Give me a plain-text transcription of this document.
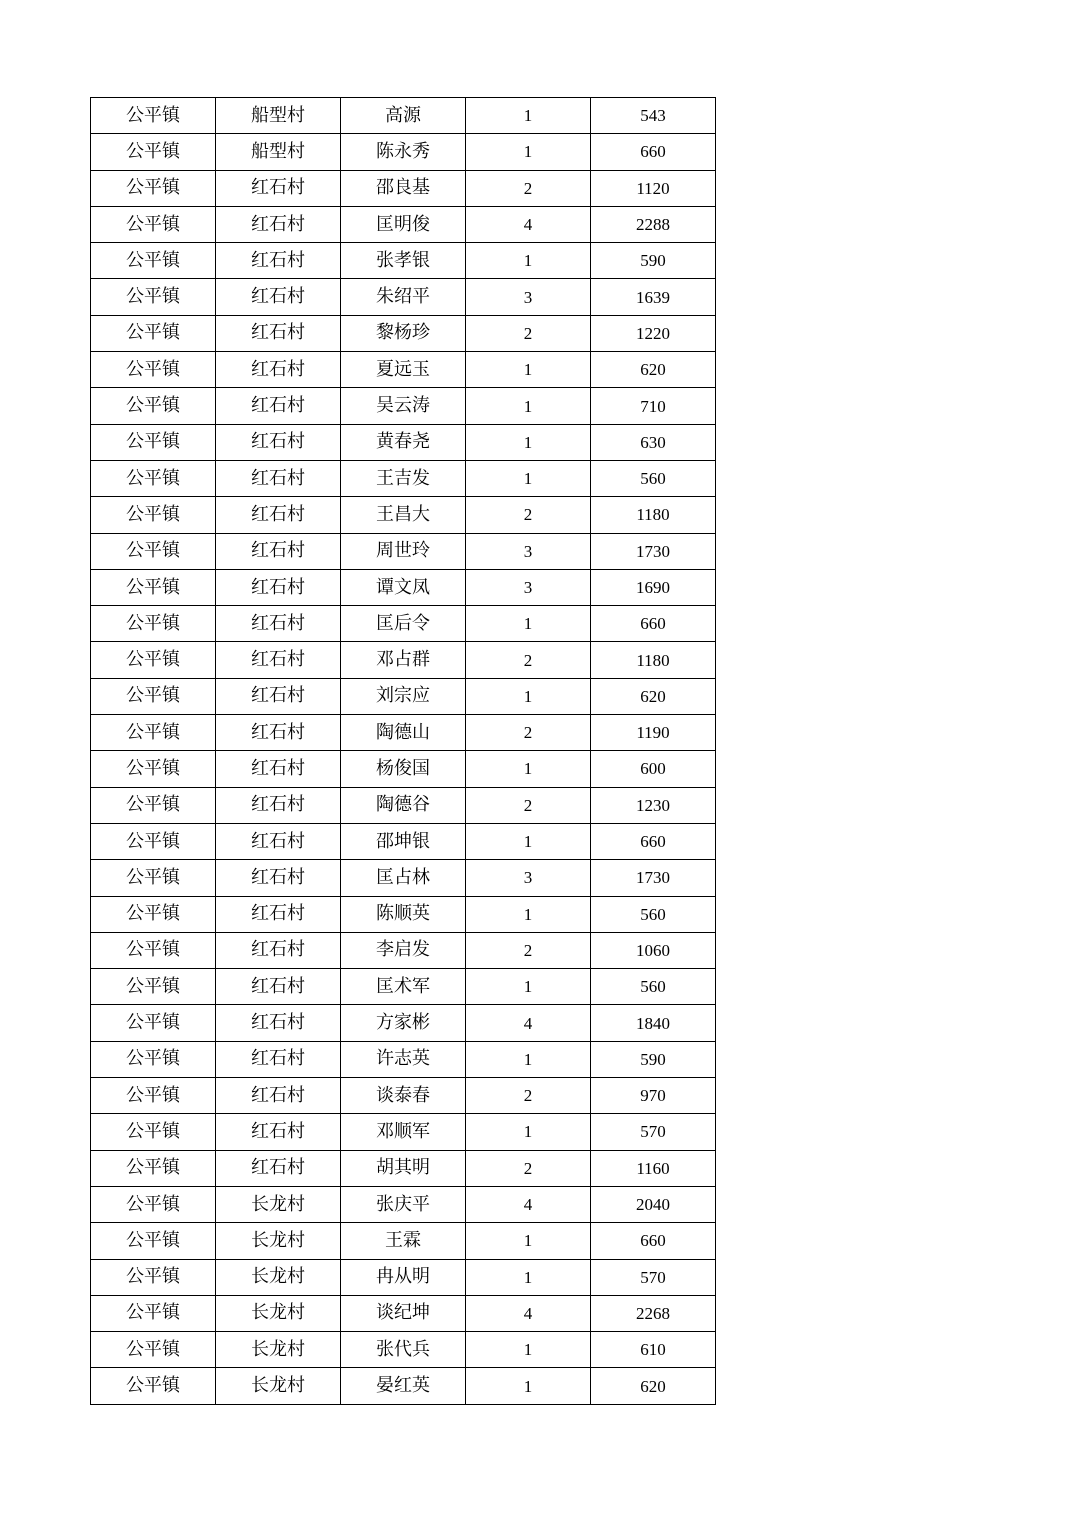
公平镇	船型村	高源	1	543
公平镇	船型村	陈永秀	1	660
公平镇	红石村	邵良基	2	1120
公平镇	红石村	匡明俊	4	2288
公平镇	红石村	张孝银	1	590
公平镇	红石村	朱绍平	3	1639
公平镇	红石村	黎杨珍	2	1220
公平镇	红石村	夏远玉	1	620
公平镇	红石村	吴云涛	1	710
公平镇	红石村	黄春尧	1	630
公平镇	红石村	王吉发	1	560
公平镇	红石村	王昌大	2	1180
公平镇	红石村	周世玲	3	1730
公平镇	红石村	谭文凤	3	1690
公平镇	红石村	匡后令	1	660
公平镇	红石村	邓占群	2	1180
公平镇	红石村	刘宗应	1	620
公平镇	红石村	陶德山	2	1190
公平镇	红石村	杨俊国	1	600
公平镇	红石村	陶德谷	2	1230
公平镇	红石村	邵坤银	1	660
公平镇	红石村	匡占林	3	1730
公平镇	红石村	陈顺英	1	560
公平镇	红石村	李启发	2	1060
公平镇	红石村	匡术军	1	560
公平镇	红石村	方家彬	4	1840
公平镇	红石村	许志英	1	590
公平镇	红石村	谈泰春	2	970
公平镇	红石村	邓顺军	1	570
公平镇	红石村	胡其明	2	1160
公平镇	长龙村	张庆平	4	2040
公平镇	长龙村	王霖	1	660
公平镇	长龙村	冉从明	1	570
公平镇	长龙村	谈纪坤	4	2268
公平镇	长龙村	张代兵	1	610
公平镇	长龙村	晏红英	1	620
